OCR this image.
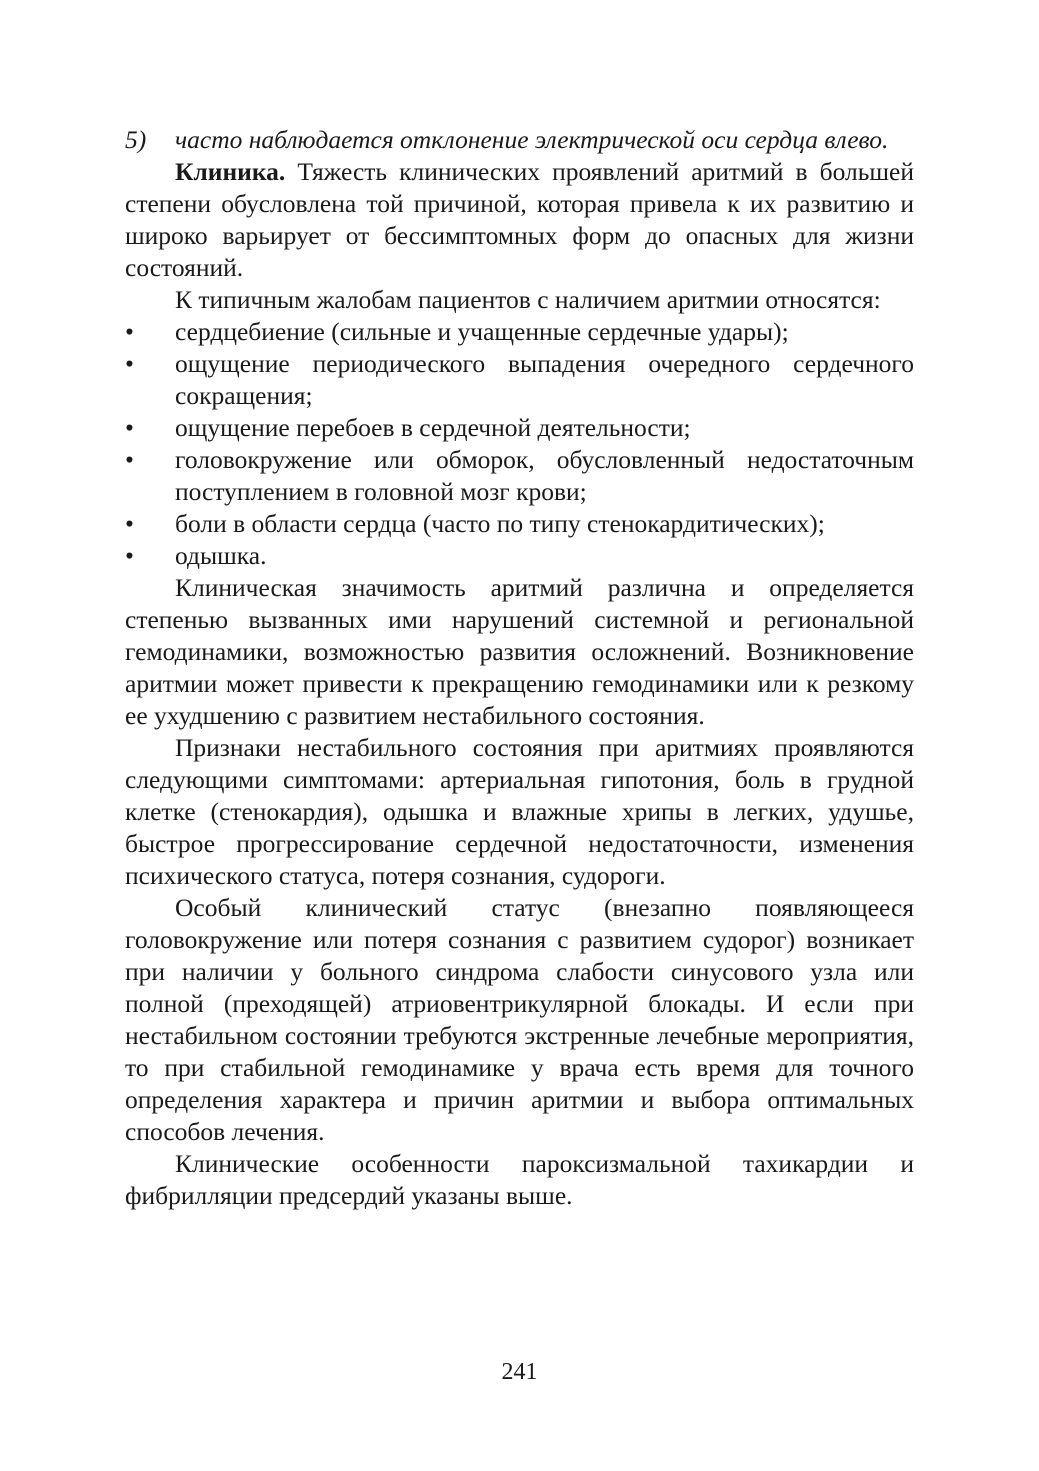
5) часто наблюдается отклонение электрической оси сердца влево.

Клиника. Тяжесть клинических проявлений аритмий в большей степени обусловлена той причиной, которая привела к их развитию и широко варьирует от бессимптомных форм до опасных для жизни состояний.

К типичным жалобам пациентов с наличием аритмии относятся:

• сердцебиение (сильные и учащенные сердечные удары);
• ощущение периодического выпадения очередного сердечного сокращения;
• ощущение перебоев в сердечной деятельности;
• головокружение или обморок, обусловленный недостаточным поступлением в головной мозг крови;
• боли в области сердца (часто по типу стенокардитических);
• одышка.

Клиническая значимость аритмий различна и определяется степенью вызванных ими нарушений системной и региональной гемодинамики, возможностью развития осложнений. Возникновение аритмии может привести к прекращению гемодинамики или к резкому ее ухудшению с развитием нестабильного состояния.

Признаки нестабильного состояния при аритмиях проявляются следующими симптомами: артериальная гипотония, боль в грудной клетке (стенокардия), одышка и влажные хрипы в легких, удушье, быстрое прогрессирование сердечной недостаточности, изменения психического статуса, потеря сознания, судороги.

Особый клинический статус (внезапно появляющееся головокружение или потеря сознания с развитием судорог) возникает при наличии у больного синдрома слабости синусового узла или полной (преходящей) атриовентрикулярной блокады. И если при нестабильном состоянии требуются экстренные лечебные мероприятия, то при стабильной гемодинамике у врача есть время для точного определения характера и причин аритмии и выбора оптимальных способов лечения.

Клинические особенности пароксизмальной тахикардии и фибрилляции предсердий указаны выше.

241
